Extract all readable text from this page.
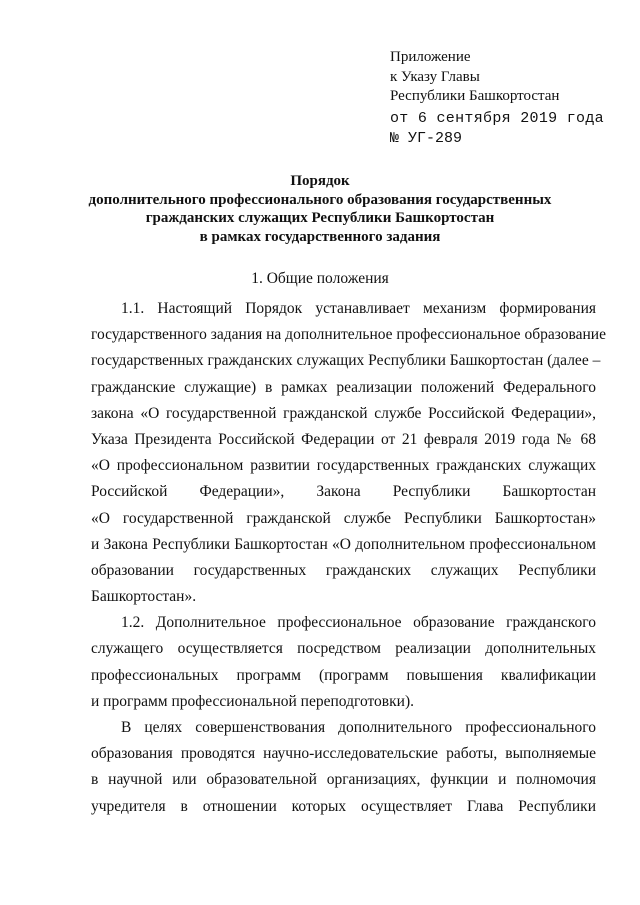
Приложение
к Указу Главы
Республики Башкортостан
от 6 сентября 2019 года
№ УГ-289
Порядок
дополнительного профессионального образования государственных
гражданских служащих Республики Башкортостан
в рамках государственного задания
1. Общие положения
1.1. Настоящий Порядок устанавливает механизм формирования
государственного задания на дополнительное профессиональное образование
государственных гражданских служащих Республики Башкортостан (далее –
гражданские служащие) в рамках реализации положений Федерального
закона «О государственной гражданской службе Российской Федерации»,
Указа Президента Российской Федерации от 21 февраля 2019 года № 68
«О профессиональном развитии государственных гражданских служащих
Российской Федерации», Закона Республики Башкортостан
«О государственной гражданской службе Республики Башкортостан»
и Закона Республики Башкортостан «О дополнительном профессиональном
образовании государственных гражданских служащих Республики
Башкортостан».
1.2. Дополнительное профессиональное образование гражданского
служащего осуществляется посредством реализации дополнительных
профессиональных программ (программ повышения квалификации
и программ профессиональной переподготовки).
В целях совершенствования дополнительного профессионального
образования проводятся научно-исследовательские работы, выполняемые
в научной или образовательной организациях, функции и полномочия
учредителя в отношении которых осуществляет Глава Республики
